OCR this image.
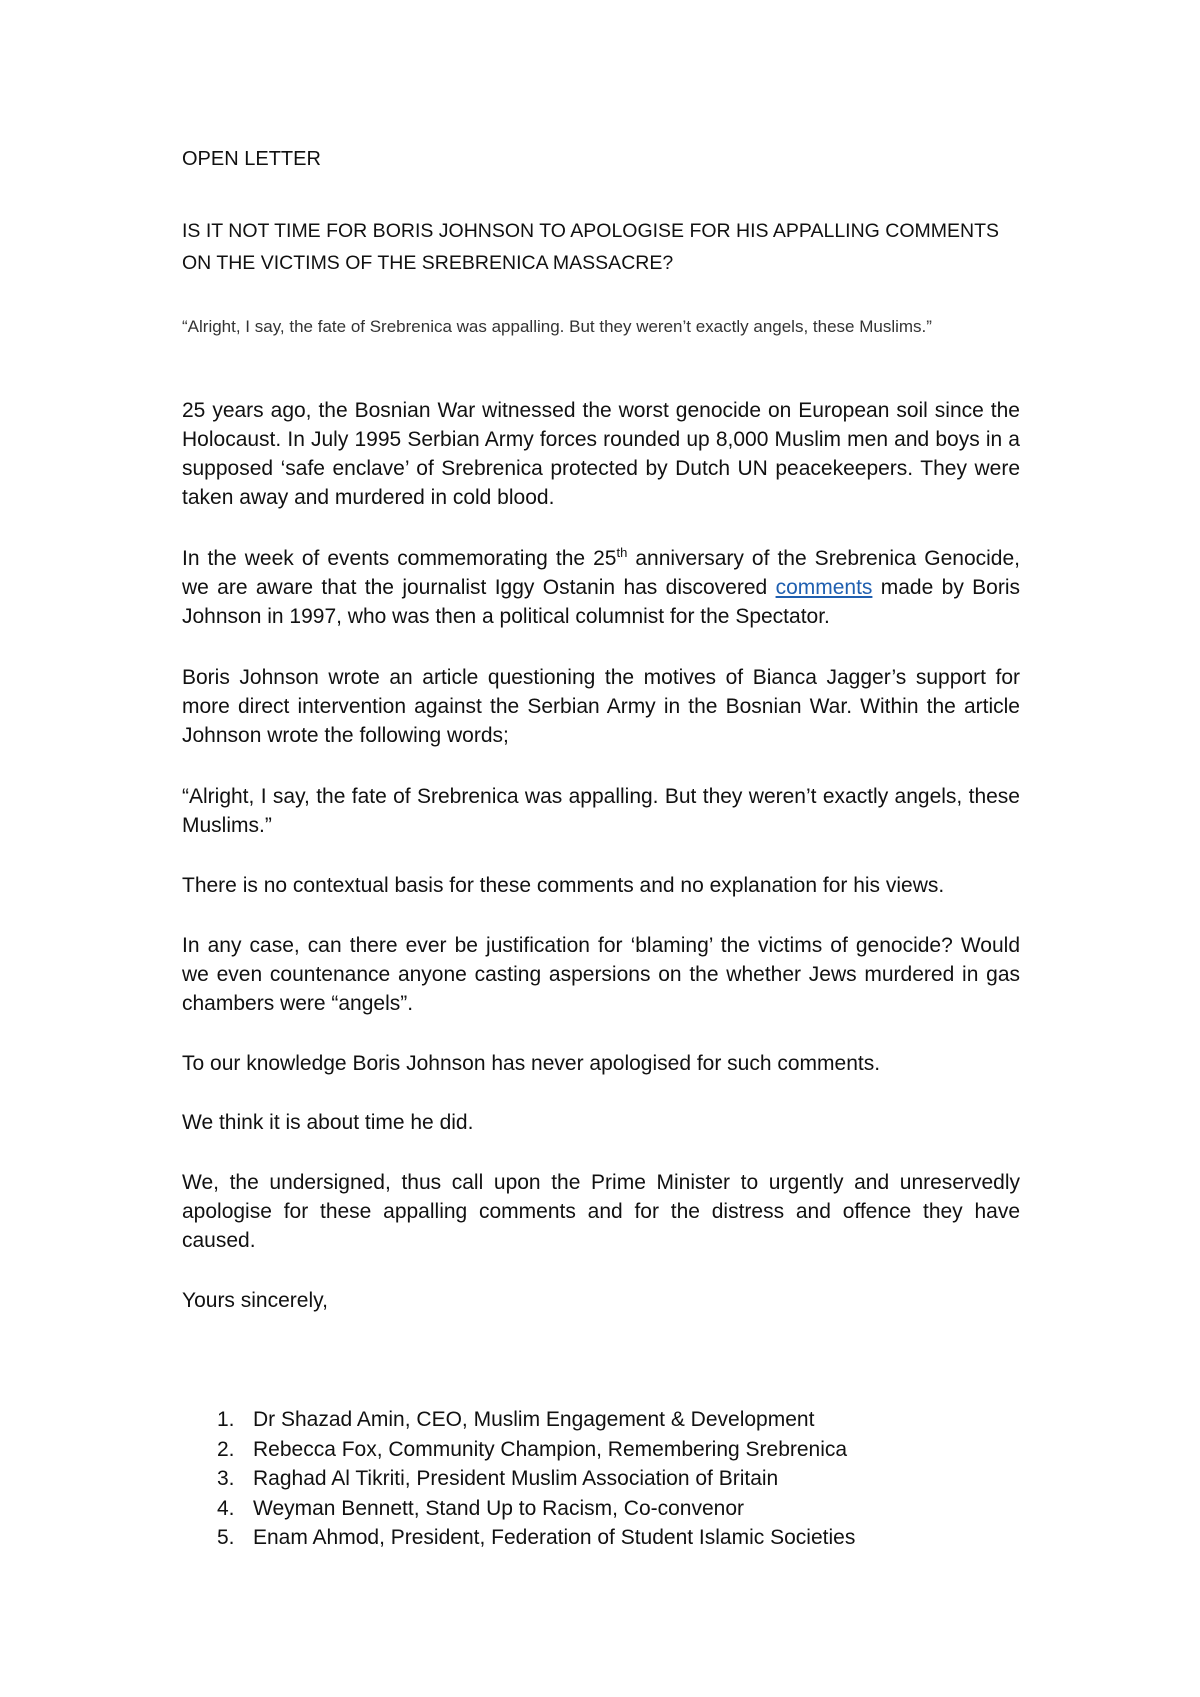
OPEN LETTER
IS IT NOT TIME FOR BORIS JOHNSON TO APOLOGISE FOR HIS APPALLING COMMENTS ON THE VICTIMS OF THE SREBRENICA MASSACRE?
“Alright, I say, the fate of Srebrenica was appalling. But they weren’t exactly angels, these Muslims.”
25 years ago, the Bosnian War witnessed the worst genocide on European soil since the Holocaust. In July 1995 Serbian Army forces rounded up 8,000 Muslim men and boys in a supposed ‘safe enclave’ of Srebrenica protected by Dutch UN peacekeepers. They were taken away and murdered in cold blood.
In the week of events commemorating the 25th anniversary of the Srebrenica Genocide, we are aware that the journalist Iggy Ostanin has discovered comments made by Boris Johnson in 1997, who was then a political columnist for the Spectator.
Boris Johnson wrote an article questioning the motives of Bianca Jagger’s support for more direct intervention against the Serbian Army in the Bosnian War. Within the article Johnson wrote the following words;
“Alright, I say, the fate of Srebrenica was appalling. But they weren’t exactly angels, these Muslims.”
There is no contextual basis for these comments and no explanation for his views.
In any case, can there ever be justification for ‘blaming’ the victims of genocide? Would we even countenance anyone casting aspersions on the whether Jews murdered in gas chambers were “angels”.
To our knowledge Boris Johnson has never apologised for such comments.
We think it is about time he did.
We, the undersigned, thus call upon the Prime Minister to urgently and unreservedly apologise for these appalling comments and for the distress and offence they have caused.
Yours sincerely,
1. Dr Shazad Amin, CEO, Muslim Engagement & Development
2. Rebecca Fox, Community Champion, Remembering Srebrenica
3. Raghad Al Tikriti, President Muslim Association of Britain
4. Weyman Bennett, Stand Up to Racism, Co-convenor
5. Enam Ahmod, President, Federation of Student Islamic Societies
